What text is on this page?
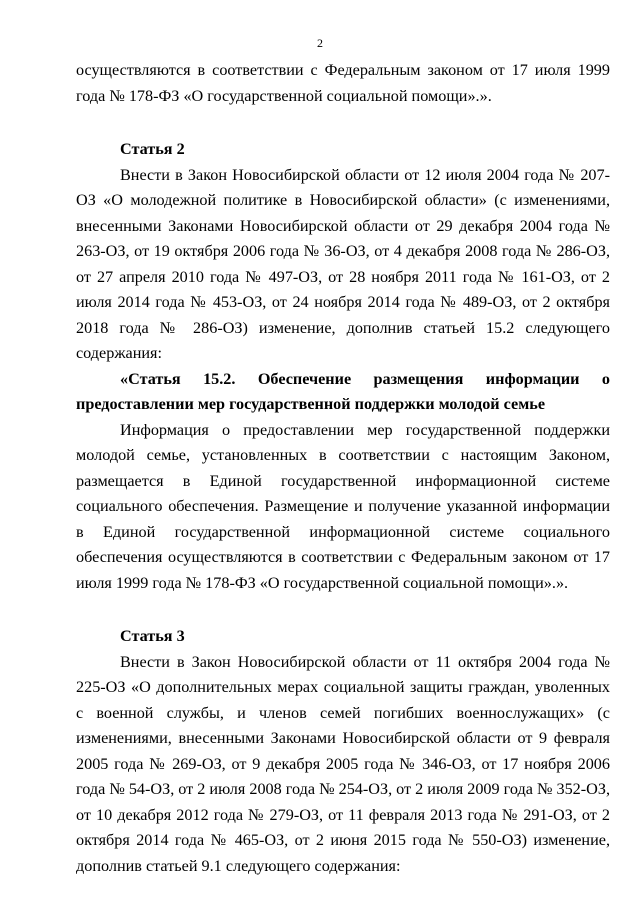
2

осуществляются в соответствии с Федеральным законом от 17 июля 1999 года № 178-ФЗ «О государственной социальной помощи».».

Статья 2

Внести в Закон Новосибирской области от 12 июля 2004 года № 207-ОЗ «О молодежной политике в Новосибирской области» (с изменениями, внесенными Законами Новосибирской области от 29 декабря 2004 года № 263-ОЗ, от 19 октября 2006 года № 36-ОЗ, от 4 декабря 2008 года № 286-ОЗ, от 27 апреля 2010 года № 497-ОЗ, от 28 ноября 2011 года № 161-ОЗ, от 2 июля 2014 года № 453-ОЗ, от 24 ноября 2014 года № 489-ОЗ, от 2 октября 2018 года № 286-ОЗ) изменение, дополнив статьей 15.2 следующего содержания:

«Статья 15.2. Обеспечение размещения информации о предоставлении мер государственной поддержки молодой семье

Информация о предоставлении мер государственной поддержки молодой семье, установленных в соответствии с настоящим Законом, размещается в Единой государственной информационной системе социального обеспечения. Размещение и получение указанной информации в Единой государственной информационной системе социального обеспечения осуществляются в соответствии с Федеральным законом от 17 июля 1999 года № 178-ФЗ «О государственной социальной помощи».».

Статья 3

Внести в Закон Новосибирской области от 11 октября 2004 года № 225-ОЗ «О дополнительных мерах социальной защиты граждан, уволенных с военной службы, и членов семей погибших военнослужащих» (с изменениями, внесенными Законами Новосибирской области от 9 февраля 2005 года № 269-ОЗ, от 9 декабря 2005 года № 346-ОЗ, от 17 ноября 2006 года № 54-ОЗ, от 2 июля 2008 года № 254-ОЗ, от 2 июля 2009 года № 352-ОЗ, от 10 декабря 2012 года № 279-ОЗ, от 11 февраля 2013 года № 291-ОЗ, от 2 октября 2014 года № 465-ОЗ, от 2 июня 2015 года № 550-ОЗ) изменение, дополнив статьей 9.1 следующего содержания:
